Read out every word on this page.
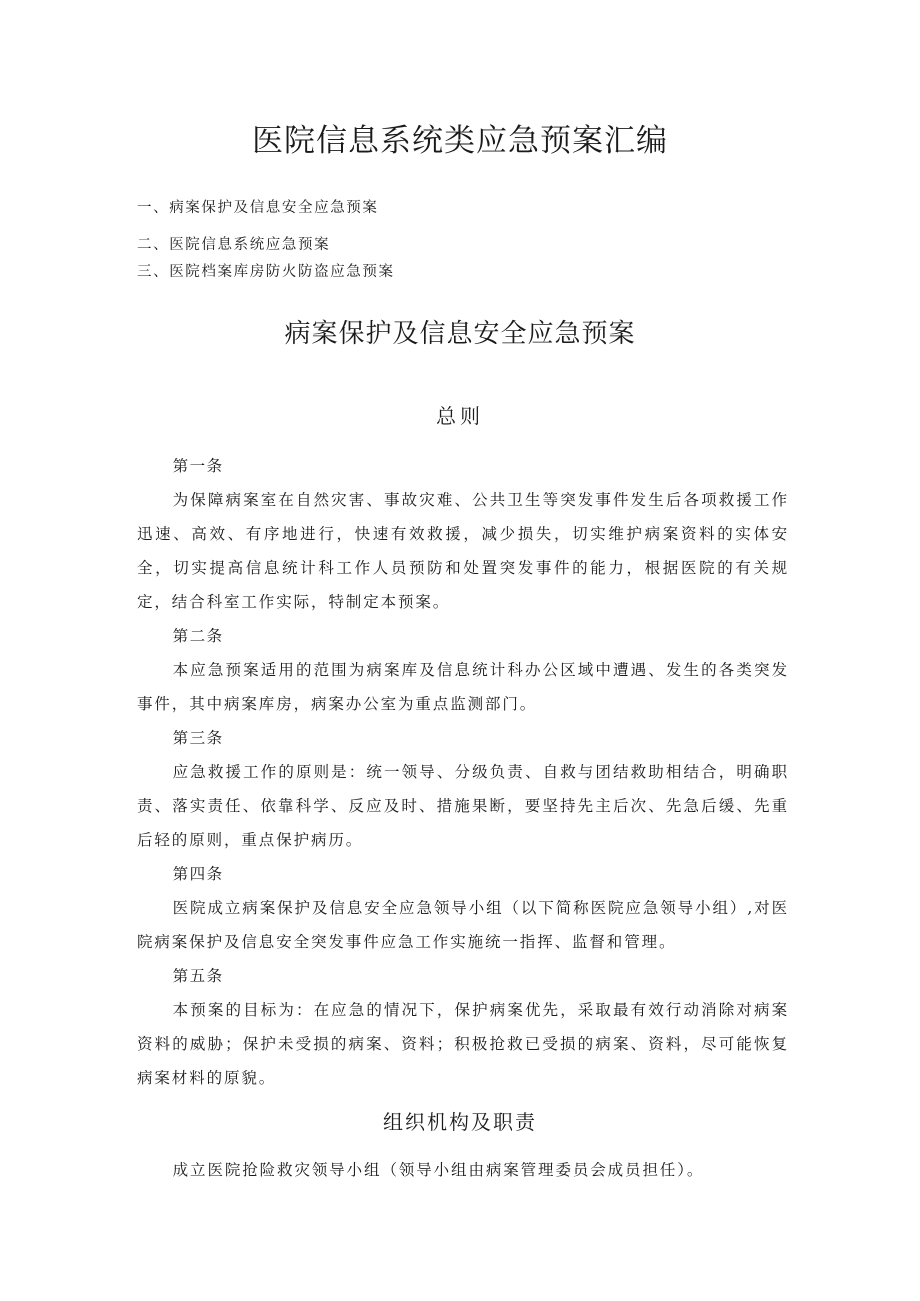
医院信息系统类应急预案汇编
一、病案保护及信息安全应急预案
二、医院信息系统应急预案
三、医院档案库房防火防盗应急预案
病案保护及信息安全应急预案
总则
第一条
为保障病案室在自然灾害、事故灾难、公共卫生等突发事件发生后各项救援工作迅速、高效、有序地进行，快速有效救援，减少损失，切实维护病案资料的实体安全，切实提高信息统计科工作人员预防和处置突发事件的能力，根据医院的有关规定，结合科室工作实际，特制定本预案。
第二条
本应急预案适用的范围为病案库及信息统计科办公区域中遭遇、发生的各类突发事件，其中病案库房，病案办公室为重点监测部门。
第三条
应急救援工作的原则是：统一领导、分级负责、自救与团结救助相结合，明确职责、落实责任、依靠科学、反应及时、措施果断，要坚持先主后次、先急后缓、先重后轻的原则，重点保护病历。
第四条
医院成立病案保护及信息安全应急领导小组（以下简称医院应急领导小组）,对医院病案保护及信息安全突发事件应急工作实施统一指挥、监督和管理。
第五条
本预案的目标为：在应急的情况下，保护病案优先，采取最有效行动消除对病案资料的威胁；保护未受损的病案、资料；积极抢救已受损的病案、资料，尽可能恢复病案材料的原貌。
组织机构及职责
成立医院抢险救灾领导小组（领导小组由病案管理委员会成员担任）。
